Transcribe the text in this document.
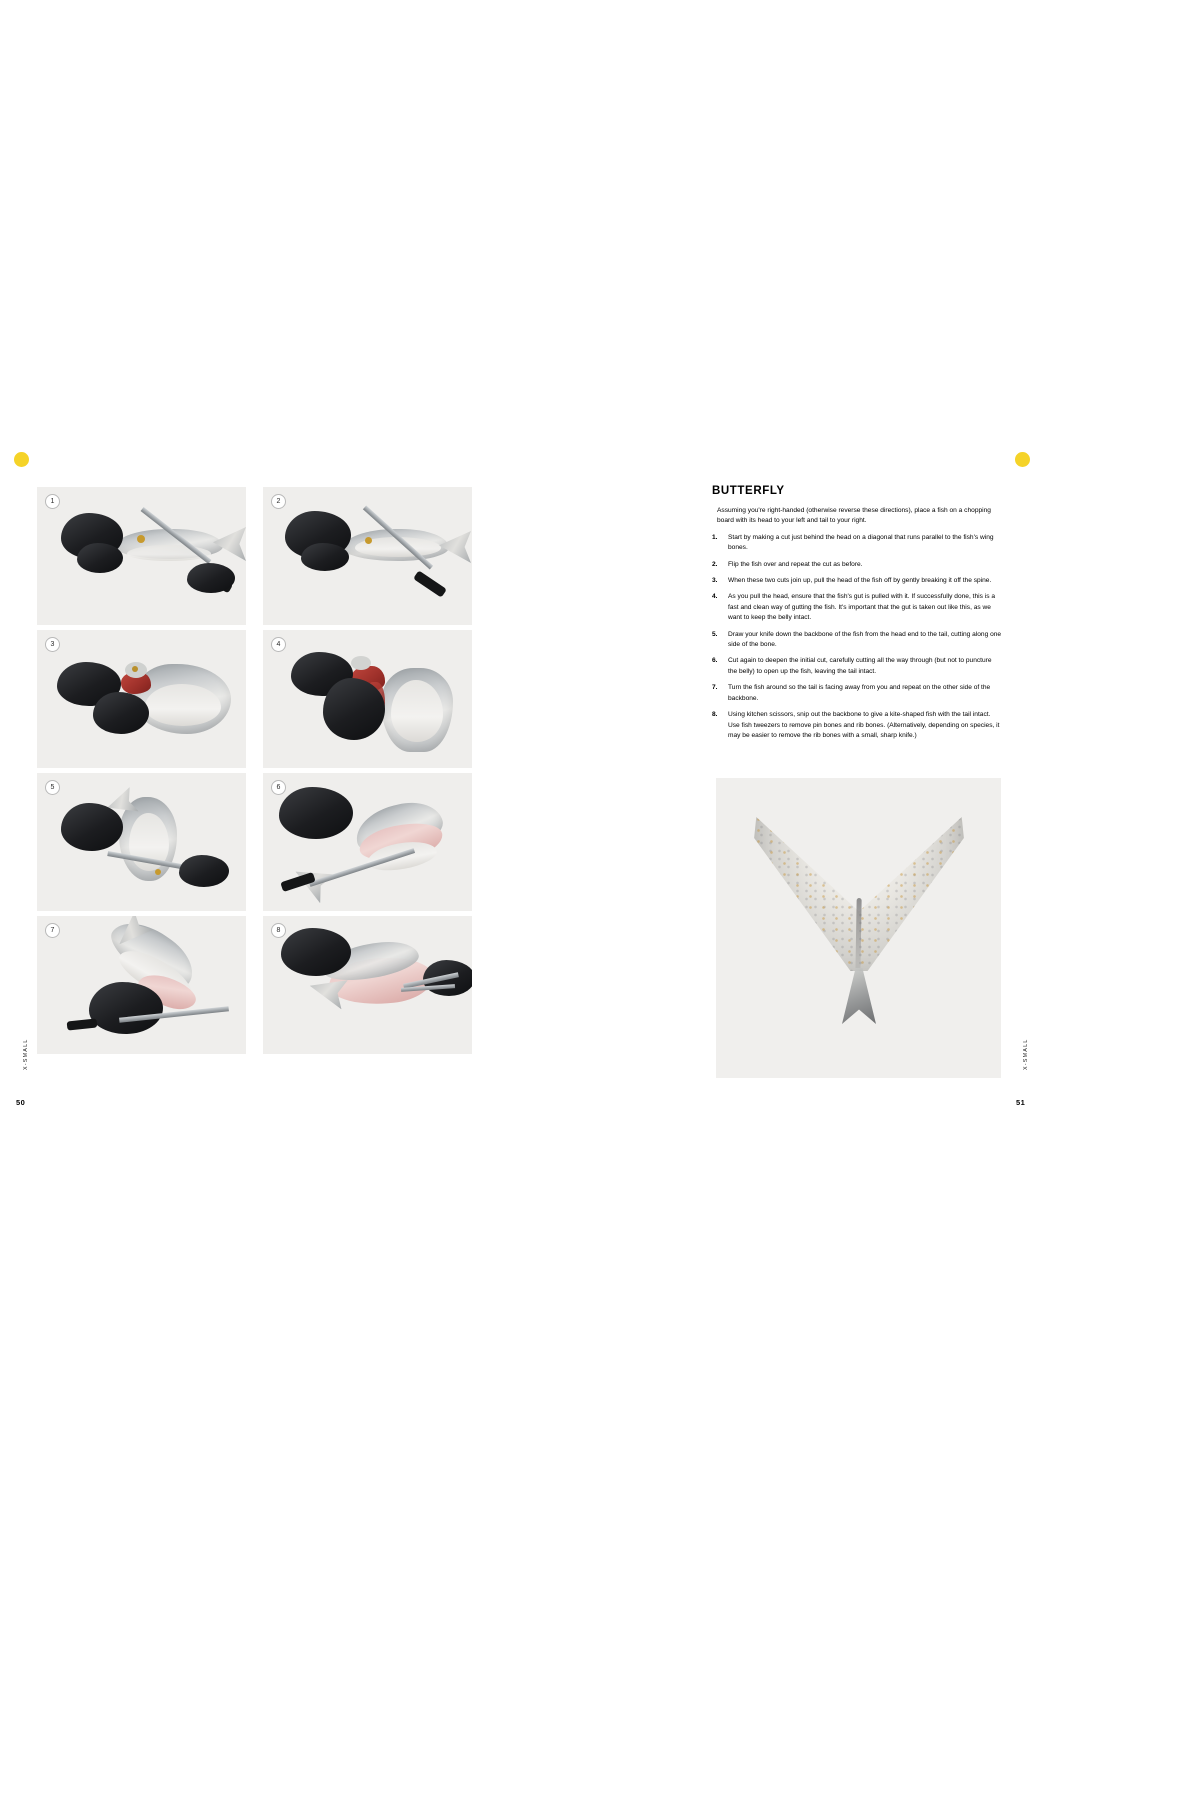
1	2
3	4
5	6
7	8
BUTTERFLY

Assuming you're right-handed (otherwise reverse these directions), place a fish on a chopping board with its head to your left and tail to your right.

1. Start by making a cut just behind the head on a diagonal that runs parallel to the fish's wing bones.
2. Flip the fish over and repeat the cut as before.
3. When these two cuts join up, pull the head of the fish off by gently breaking it off the spine.
4. As you pull the head, ensure that the fish's gut is pulled with it. If successfully done, this is a fast and clean way of gutting the fish. It's important that the gut is taken out like this, as we want to keep the belly intact.
5. Draw your knife down the backbone of the fish from the head end to the tail, cutting along one side of the bone.
6. Cut again to deepen the initial cut, carefully cutting all the way through (but not to puncture the belly) to open up the fish, leaving the tail intact.
7. Turn the fish around so the tail is facing away from you and repeat on the other side of the backbone.
8. Using kitchen scissors, snip out the backbone to give a kite-shaped fish with the tail intact. Use fish tweezers to remove pin bones and rib bones. (Alternatively, depending on species, it may be easier to remove the rib bones with a small, sharp knife.)
50	51
X-SMALL	X-SMALL
